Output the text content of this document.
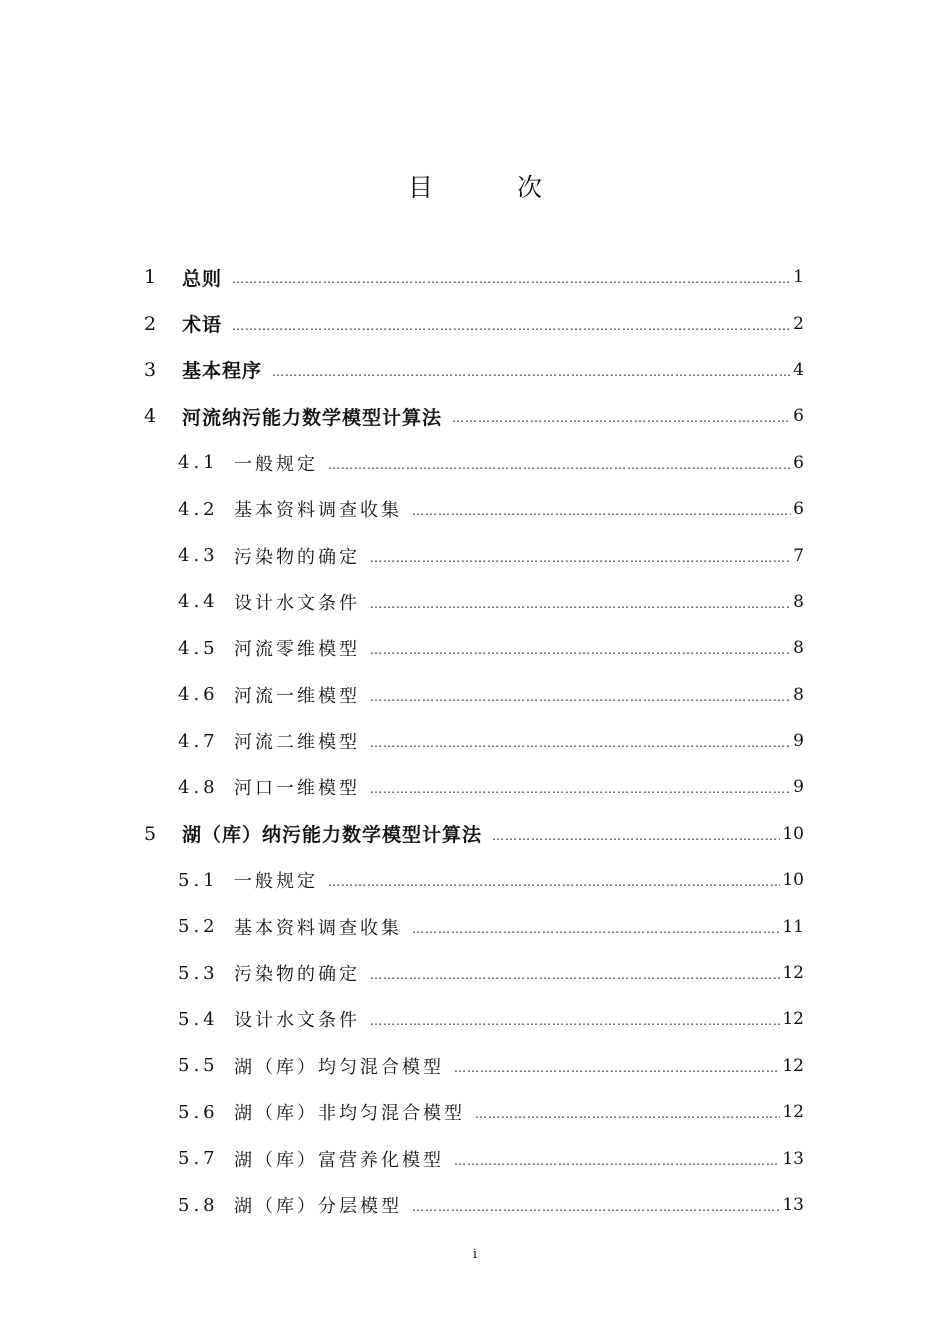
目 次
1	总则 …………………………………………………………………………………………………………………………………………	1
2	术语 …………………………………………………………………………………………………………………………………………	2
3	基本程序 …………………………………………………………………………………………………………………………………………	4
4	河流纳污能力数学模型计算法 …………………………………………………………………………………………………………………………………………	6
4.1 一般规定 …………………………………………………………………………………………………………………………………………	6
4.2 基本资料调查收集 …………………………………………………………………………………………………………………………………………	6
4.3 污染物的确定 …………………………………………………………………………………………………………………………………………	7
4.4 设计水文条件 …………………………………………………………………………………………………………………………………………	8
4.5 河流零维模型 …………………………………………………………………………………………………………………………………………	8
4.6 河流一维模型 …………………………………………………………………………………………………………………………………………	8
4.7 河流二维模型 …………………………………………………………………………………………………………………………………………	9
4.8 河口一维模型 …………………………………………………………………………………………………………………………………………	9
5	湖（库）纳污能力数学模型计算法 …………………………………………………………………………………………………………………………………………	10
5.1 一般规定 …………………………………………………………………………………………………………………………………………	10
5.2 基本资料调查收集 …………………………………………………………………………………………………………………………………………	11
5.3 污染物的确定 …………………………………………………………………………………………………………………………………………	12
5.4 设计水文条件 …………………………………………………………………………………………………………………………………………	12
5.5 湖（库）均匀混合模型 …………………………………………………………………………………………………………………………………………	12
5.6 湖（库）非均匀混合模型 …………………………………………………………………………………………………………………………………………	12
5.7 湖（库）富营养化模型 …………………………………………………………………………………………………………………………………………	13
5.8 湖（库）分层模型 …………………………………………………………………………………………………………………………………………	13
i
